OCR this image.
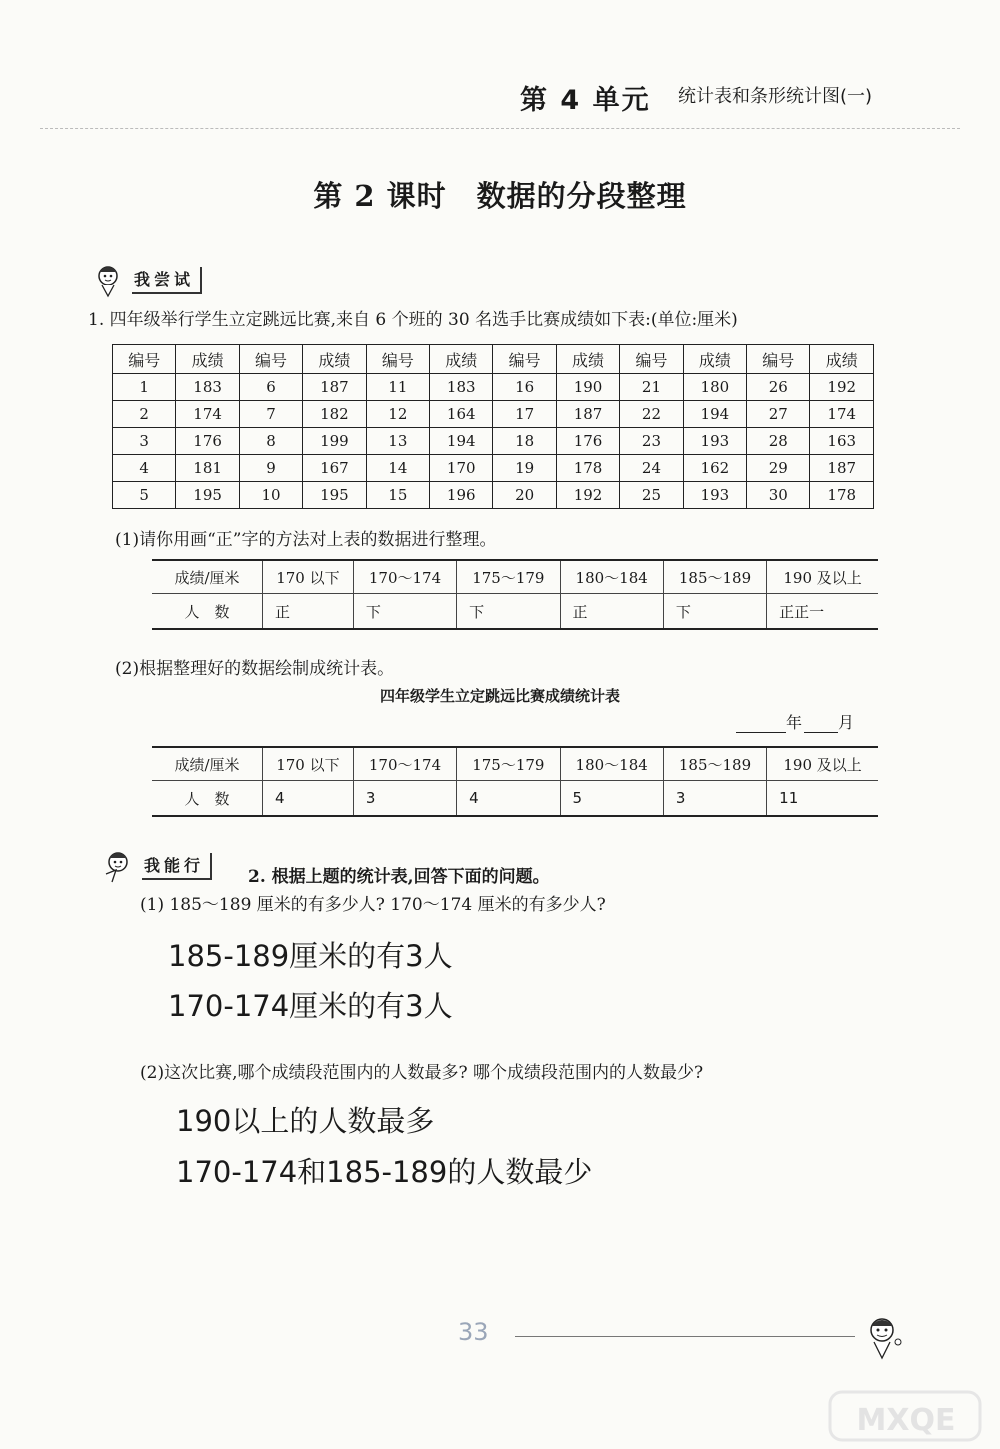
第 4 单元 统计表和条形统计图(一)
第 2 课时　数据的分段整理
我尝试
1. 四年级举行学生立定跳远比赛,来自 6 个班的 30 名选手比赛成绩如下表:(单位:厘米)
编号	成绩	编号	成绩	编号	成绩	编号	成绩	编号	成绩	编号	成绩
1	183	6	187	11	183	16	190	21	180	26	192
2	174	7	182	12	164	17	187	22	194	27	174
3	176	8	199	13	194	18	176	23	193	28	163
4	181	9	167	14	170	19	178	24	162	29	187
5	195	10	195	15	196	20	192	25	193	30	178
(1)请你用画“正”字的方法对上表的数据进行整理。
成绩/厘米	170 以下	170～174	175～179	180～184	185～189	190 及以上
人　数	正	下	下	正	下	正正一
(2)根据整理好的数据绘制成统计表。
四年级学生立定跳远比赛成绩统计表
年 月
成绩/厘米	170 以下	170～174	175～179	180～184	185～189	190 及以上
人　数	4	3	4	5	3	11
我能行
2. 根据上题的统计表,回答下面的问题。
(1) 185～189 厘米的有多少人? 170～174 厘米的有多少人?
185-189厘米的有3人
170-174厘米的有3人
(2)这次比赛,哪个成绩段范围内的人数最多? 哪个成绩段范围内的人数最少?
190以上的人数最多
170-174和185-189的人数最少
33
MXQE
